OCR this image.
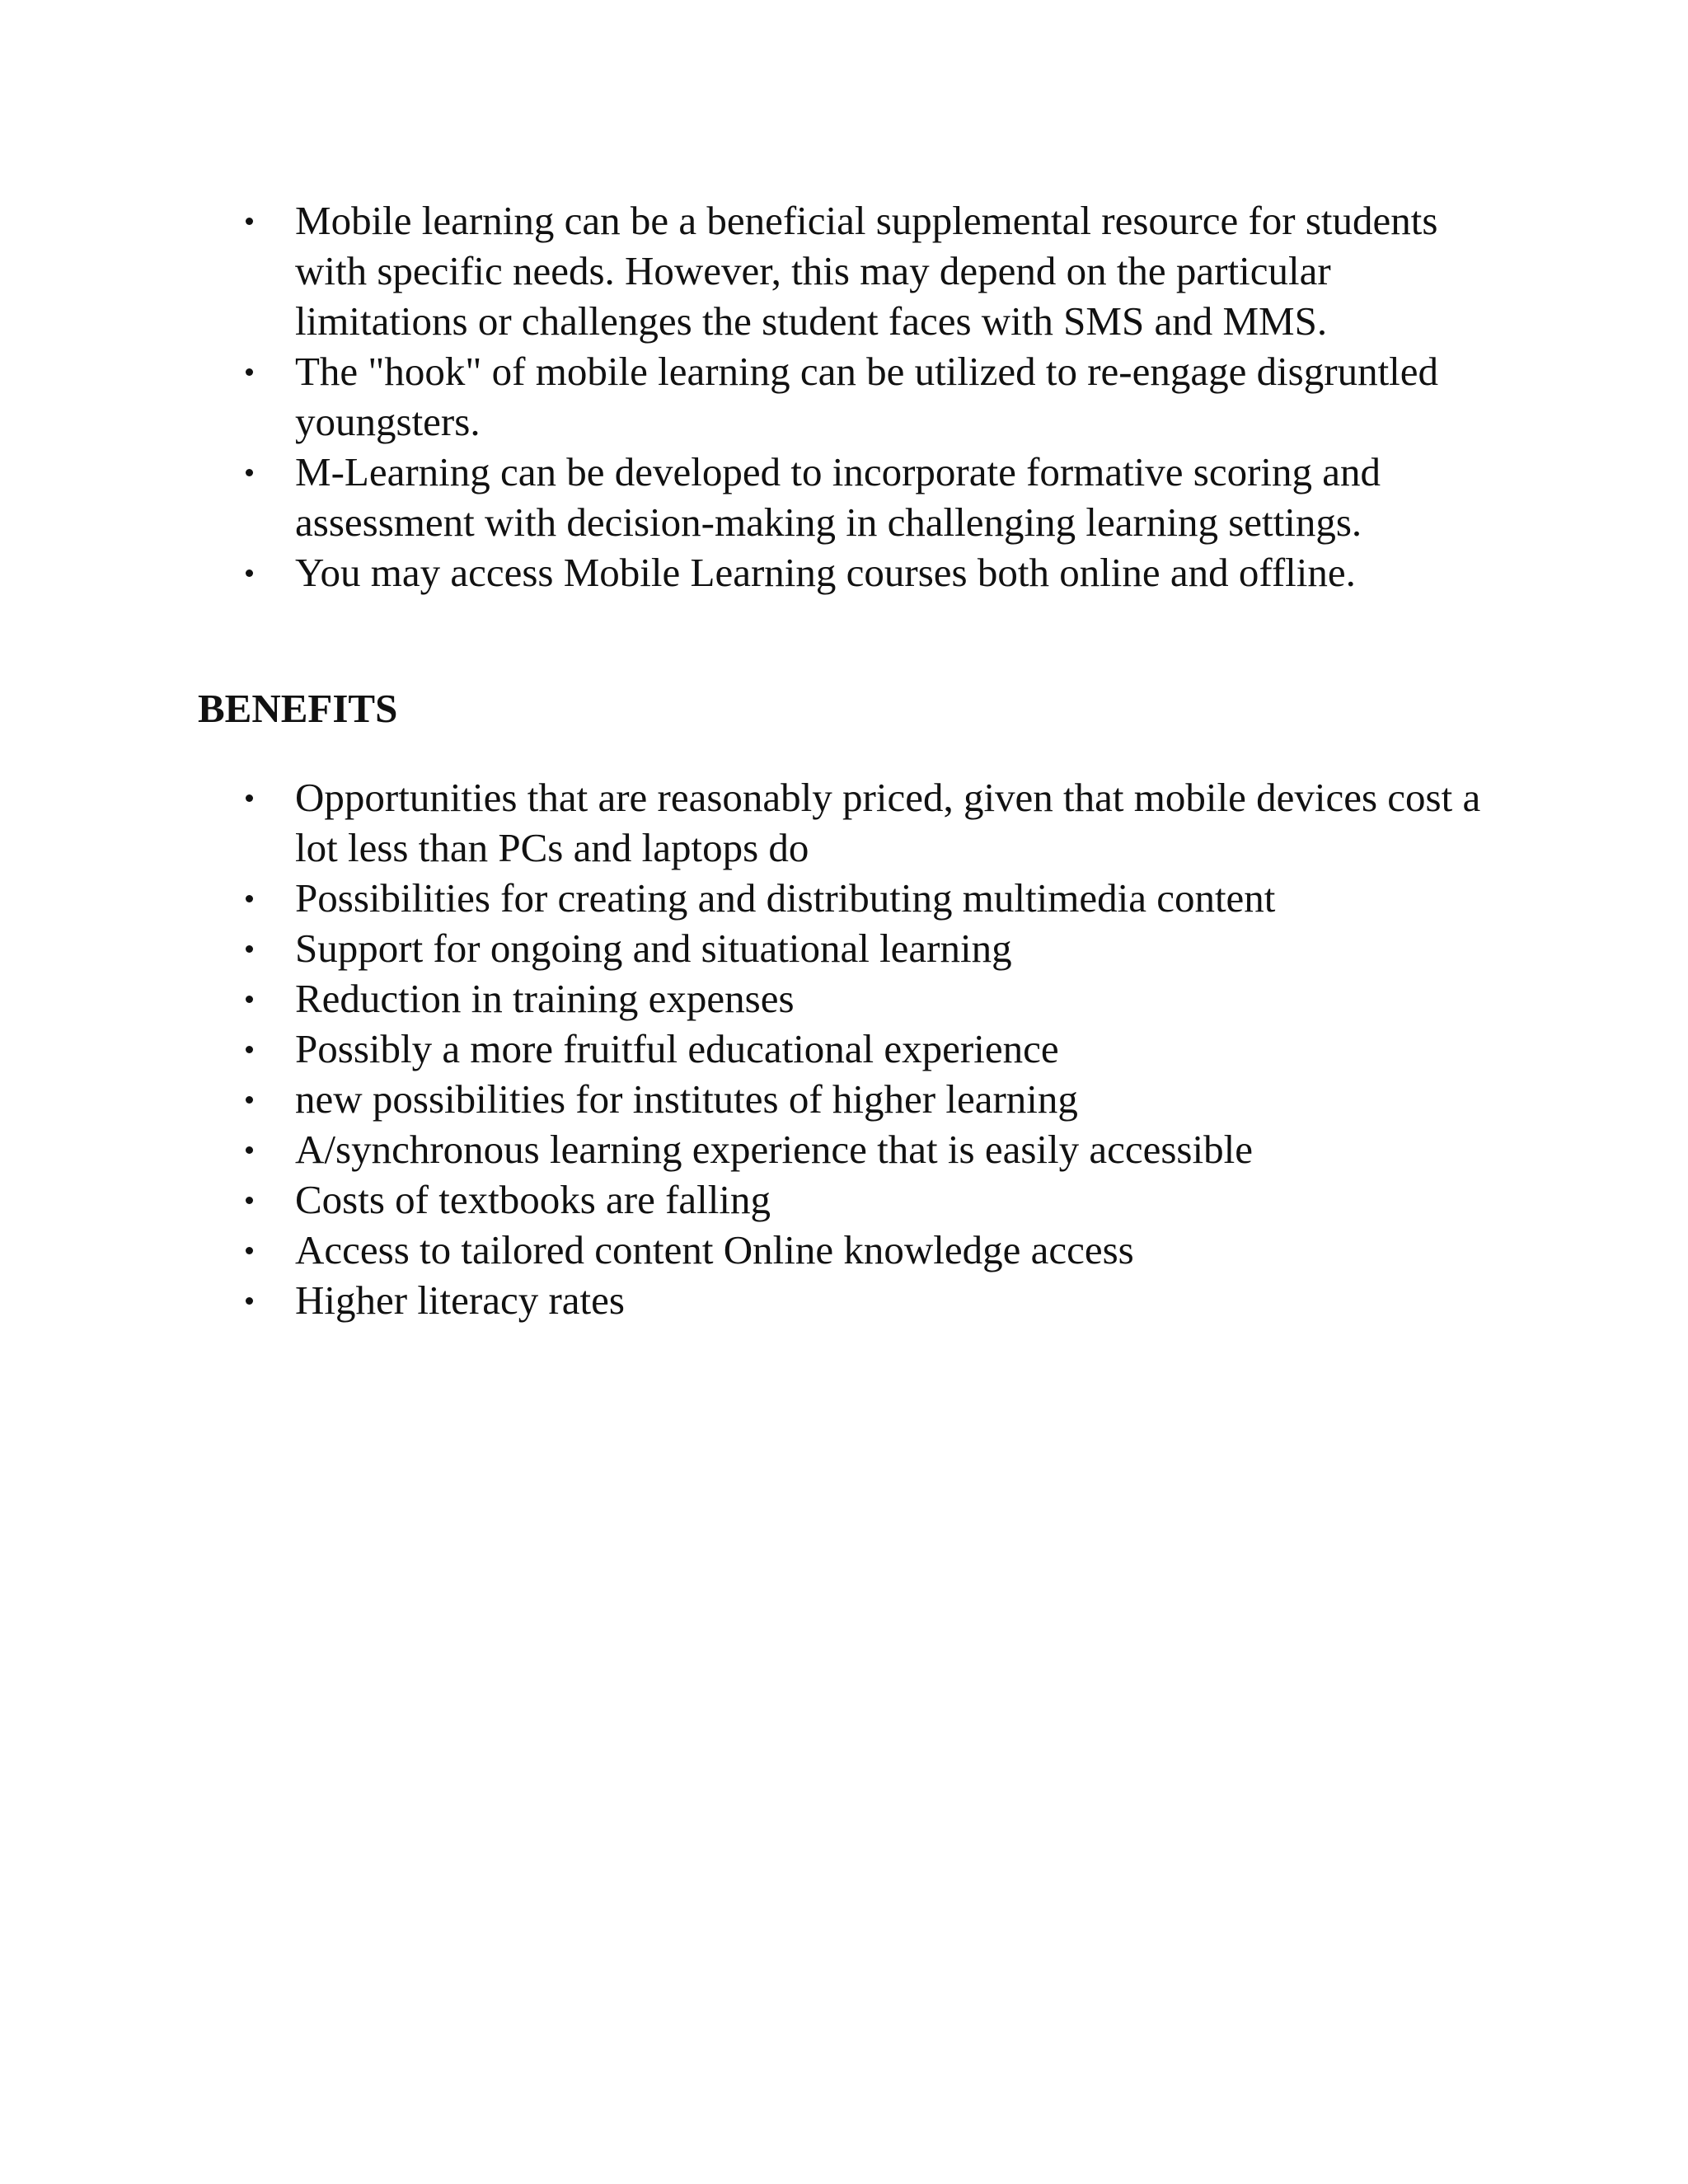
Mobile learning can be a beneficial supplemental resource for students with specific needs. However, this may depend on the particular limitations or challenges the student faces with SMS and MMS.
The "hook" of mobile learning can be utilized to re-engage disgruntled youngsters.
M-Learning can be developed to incorporate formative scoring and assessment with decision-making in challenging learning settings.
You may access Mobile Learning courses both online and offline.
BENEFITS
Opportunities that are reasonably priced, given that mobile devices cost a lot less than PCs and laptops do
Possibilities for creating and distributing multimedia content
Support for ongoing and situational learning
Reduction in training expenses
Possibly a more fruitful educational experience
new possibilities for institutes of higher learning
A/synchronous learning experience that is easily accessible
Costs of textbooks are falling
Access to tailored content Online knowledge access
Higher literacy rates
